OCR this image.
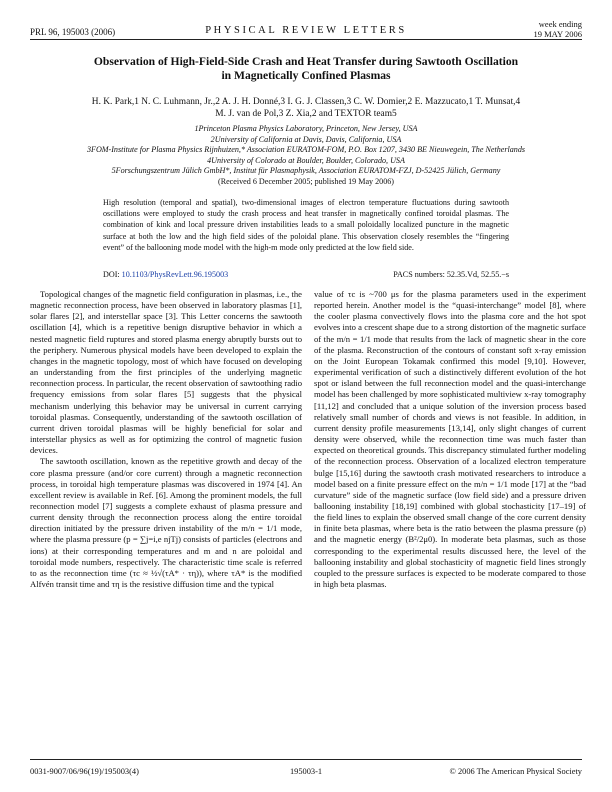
PRL 96, 195003 (2006)	PHYSICAL REVIEW LETTERS
week ending
19 MAY 2006
Observation of High-Field-Side Crash and Heat Transfer during Sawtooth Oscillation
in Magnetically Confined Plasmas
H. K. Park,1 N. C. Luhmann, Jr.,2 A. J. H. Donné,3 I. G. J. Classen,3 C. W. Domier,2 E. Mazzucato,1 T. Munsat,4
M. J. van de Pol,3 Z. Xia,2 and TEXTOR team5
1Princeton Plasma Physics Laboratory, Princeton, New Jersey, USA
2University of California at Davis, Davis, California, USA
3FOM-Institute for Plasma Physics Rijnhuizen,* Association EURATOM-FOM, P.O. Box 1207, 3430 BE Nieuwegein, The Netherlands
4University of Colorado at Boulder, Boulder, Colorado, USA
5Forschungszentrum Jülich GmbH*, Institut für Plasmaphysik, Association EURATOM-FZJ, D-52425 Jülich, Germany
(Received 6 December 2005; published 19 May 2006)
High resolution (temporal and spatial), two-dimensional images of electron temperature fluctuations during sawtooth oscillations were employed to study the crash process and heat transfer in magnetically confined toroidal plasmas. The combination of kink and local pressure driven instabilities leads to a small poloidally localized puncture in the magnetic surface at both the low and the high field sides of the poloidal plane. This observation closely resembles the “fingering event” of the ballooning mode model with the high-m mode only predicted at the low field side.
DOI: 10.1103/PhysRevLett.96.195003	PACS numbers: 52.35.Vd, 52.55.−s

Topological changes of the magnetic field configuration in plasmas, i.e., the magnetic reconnection process, have been observed in laboratory plasmas [1], solar flares [2], and interstellar space [3]. This Letter concerns the sawtooth oscillation [4], which is a repetitive benign disruptive behavior in which a nested magnetic field ruptures and stored plasma energy abruptly bursts out to the periphery. Numerous physical models have been developed to explain the changes in the magnetic topology, most of which have focused on developing an understanding from the first principles of the underlying magnetic reconnection process. In particular, the recent observation of sawtoothing radio frequency emissions from solar flares [5] suggests that the physical mechanism underlying this behavior may be universal in current carrying toroidal plasmas. Consequently, understanding of the sawtooth oscillation of current driven toroidal plasmas will be highly beneficial for solar and interstellar physics as well as for optimizing the control of magnetic fusion devices.

The sawtooth oscillation, known as the repetitive growth and decay of the core plasma pressure (and/or core current) through a magnetic reconnection process, in toroidal high temperature plasmas was discovered in 1974 [4]. An excellent review is available in Ref. [6]. Among the prominent models, the full reconnection model [7] suggests a complete exhaust of plasma pressure and current density through the reconnection process along the entire toroidal direction initiated by the pressure driven instability of the m/n = 1/1 mode, where the plasma pressure (p = ∑j=i,e njTj) consists of particles (electrons and ions) at their corresponding temperatures and m and n are poloidal and toroidal mode numbers, respectively. The characteristic time scale is referred to as the reconnection time (τc ≈ ½√(τA* · τη)), where τA* is the modified Alfvén transit time and τη is the resistive diffusion time and the typical

value of τc is ~700 μs for the plasma parameters used in the experiment reported herein. Another model is the “quasi-interchange” model [8], where the cooler plasma convectively flows into the plasma core and the hot spot evolves into a crescent shape due to a strong distortion of the magnetic surface of the m/n = 1/1 mode that results from the lack of magnetic shear in the core of the plasma. Reconstruction of the contours of constant soft x-ray emission on the Joint European Tokamak confirmed this model [9,10]. However, experimental verification of such a distinctively different evolution of the hot spot or island between the full reconnection model and the quasi-interchange model has been challenged by more sophisticated multiview x-ray tomography [11,12] and concluded that a unique solution of the inversion process based relatively small number of chords and views is not feasible. In addition, in current density profile measurements [13,14], only slight changes of current density were observed, while the reconnection time was much faster than expected on theoretical grounds. This discrepancy stimulated further modeling of the reconnection process. Observation of a localized electron temperature bulge [15,16] during the sawtooth crash motivated researchers to introduce a model based on a finite pressure effect on the m/n = 1/1 mode [17] at the “bad curvature” side of the magnetic surface (low field side) and a pressure driven ballooning instability [18,19] combined with global stochasticity [17–19] of the field lines to explain the observed small change of the core current density in finite beta plasmas, where beta is the ratio between the plasma pressure (p) and the magnetic energy (B²/2μ0). In moderate beta plasmas, such as those corresponding to the experimental results discussed here, the level of the ballooning instability and global stochasticity of magnetic field lines strongly coupled to the pressure surfaces is expected to be moderate compared to those in high beta plasmas.

0031-9007/06/96(19)/195003(4)	195003-1	© 2006 The American Physical Society
